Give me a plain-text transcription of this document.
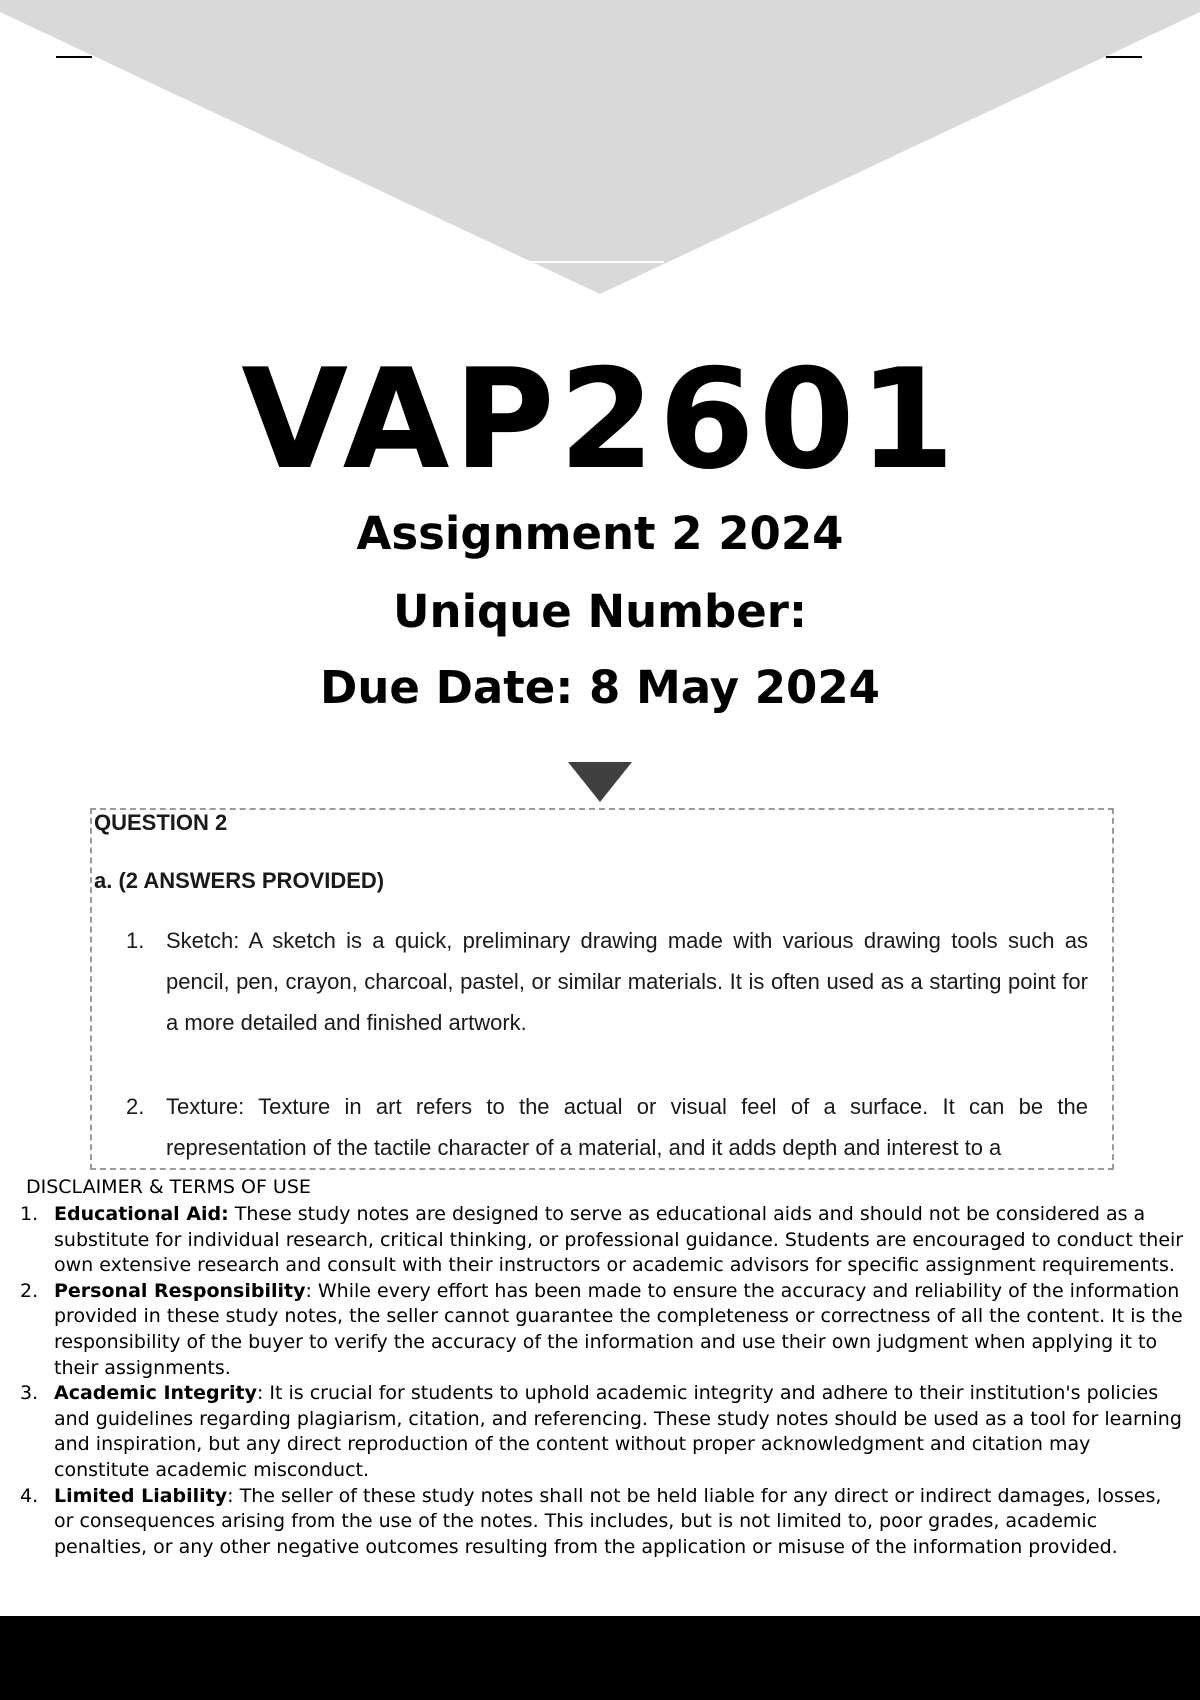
VAP2601
Assignment 2 2024
Unique Number:
Due Date: 8 May 2024
QUESTION 2
a. (2 ANSWERS PROVIDED)
1. Sketch: A sketch is a quick, preliminary drawing made with various drawing tools such as pencil, pen, crayon, charcoal, pastel, or similar materials. It is often used as a starting point for a more detailed and finished artwork.
2. Texture: Texture in art refers to the actual or visual feel of a surface. It can be the representation of the tactile character of a material, and it adds depth and interest to a
DISCLAIMER & TERMS OF USE
1. Educational Aid: These study notes are designed to serve as educational aids and should not be considered as a substitute for individual research, critical thinking, or professional guidance. Students are encouraged to conduct their own extensive research and consult with their instructors or academic advisors for specific assignment requirements.
2. Personal Responsibility: While every effort has been made to ensure the accuracy and reliability of the information provided in these study notes, the seller cannot guarantee the completeness or correctness of all the content. It is the responsibility of the buyer to verify the accuracy of the information and use their own judgment when applying it to their assignments.
3. Academic Integrity: It is crucial for students to uphold academic integrity and adhere to their institution's policies and guidelines regarding plagiarism, citation, and referencing. These study notes should be used as a tool for learning and inspiration, but any direct reproduction of the content without proper acknowledgment and citation may constitute academic misconduct.
4. Limited Liability: The seller of these study notes shall not be held liable for any direct or indirect damages, losses, or consequences arising from the use of the notes. This includes, but is not limited to, poor grades, academic penalties, or any other negative outcomes resulting from the application or misuse of the information provided.
